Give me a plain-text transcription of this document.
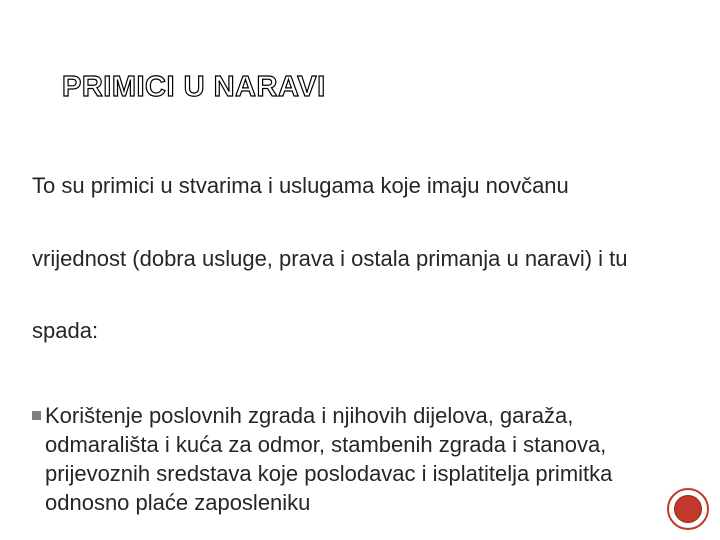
PRIMICI U NARAVI
To su primici u stvarima i uslugama koje imaju novčanu
vrijednost (dobra usluge, prava i ostala primanja u naravi) i tu
spada:
Korištenje poslovnih zgrada i njihovih dijelova, garaža, odmarališta i kuća za odmor, stambenih zgrada i stanova, prijevoznih sredstava koje poslodavac i isplatitelja primitka odnosno plaće zaposleniku
